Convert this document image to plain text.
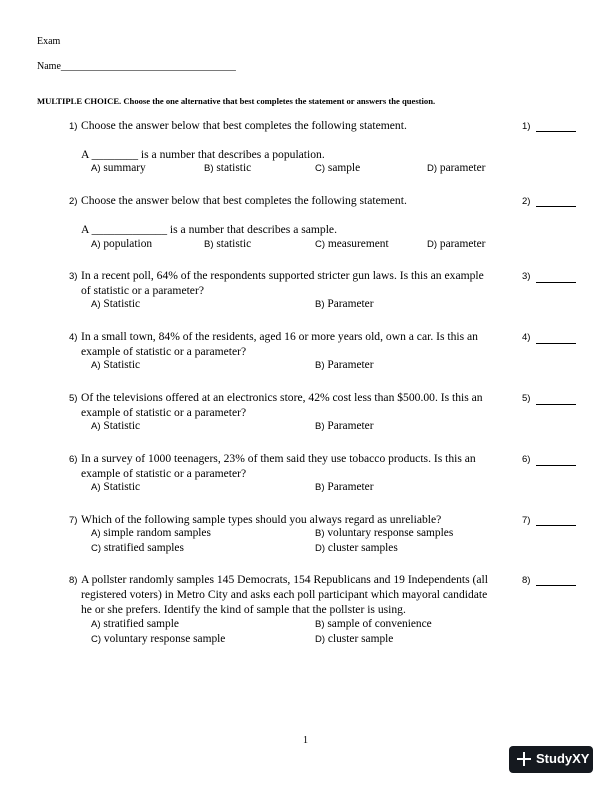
Exam
Name___________________________________
MULTIPLE CHOICE. Choose the one alternative that best completes the statement or answers the question.
1) Choose the answer below that best completes the following statement.
A ________ is a number that describes a population.
A) summary	B) statistic	C) sample	D) parameter
1)
2) Choose the answer below that best completes the following statement.
A _____________ is a number that describes a sample.
A) population	B) statistic	C) measurement	D) parameter
2)
3) In a recent poll, 64% of the respondents supported stricter gun laws. Is this an example
of statistic or a parameter?
A) Statistic	B) Parameter
3)
4) In a small town, 84% of the residents, aged 16 or more years old, own a car. Is this an
example of statistic or a parameter?
A) Statistic	B) Parameter
4)
5) Of the televisions offered at an electronics store, 42% cost less than $500.00. Is this an
example of statistic or a parameter?
A) Statistic	B) Parameter
5)
6) In a survey of 1000 teenagers, 23% of them said they use tobacco products. Is this an
example of statistic or a parameter?
A) Statistic	B) Parameter
6)
7) Which of the following sample types should you always regard as unreliable?
A) simple random samples	B) voluntary response samples
C) stratified samples	D) cluster samples
7)
8) A pollster randomly samples 145 Democrats, 154 Republicans and 19 Independents (all
registered voters) in Metro City and asks each poll participant which mayoral candidate
he or she prefers. Identify the kind of sample that the pollster is using.
A) stratified sample	B) sample of convenience
C) voluntary response sample	D) cluster sample
8)
1
StudyXY
